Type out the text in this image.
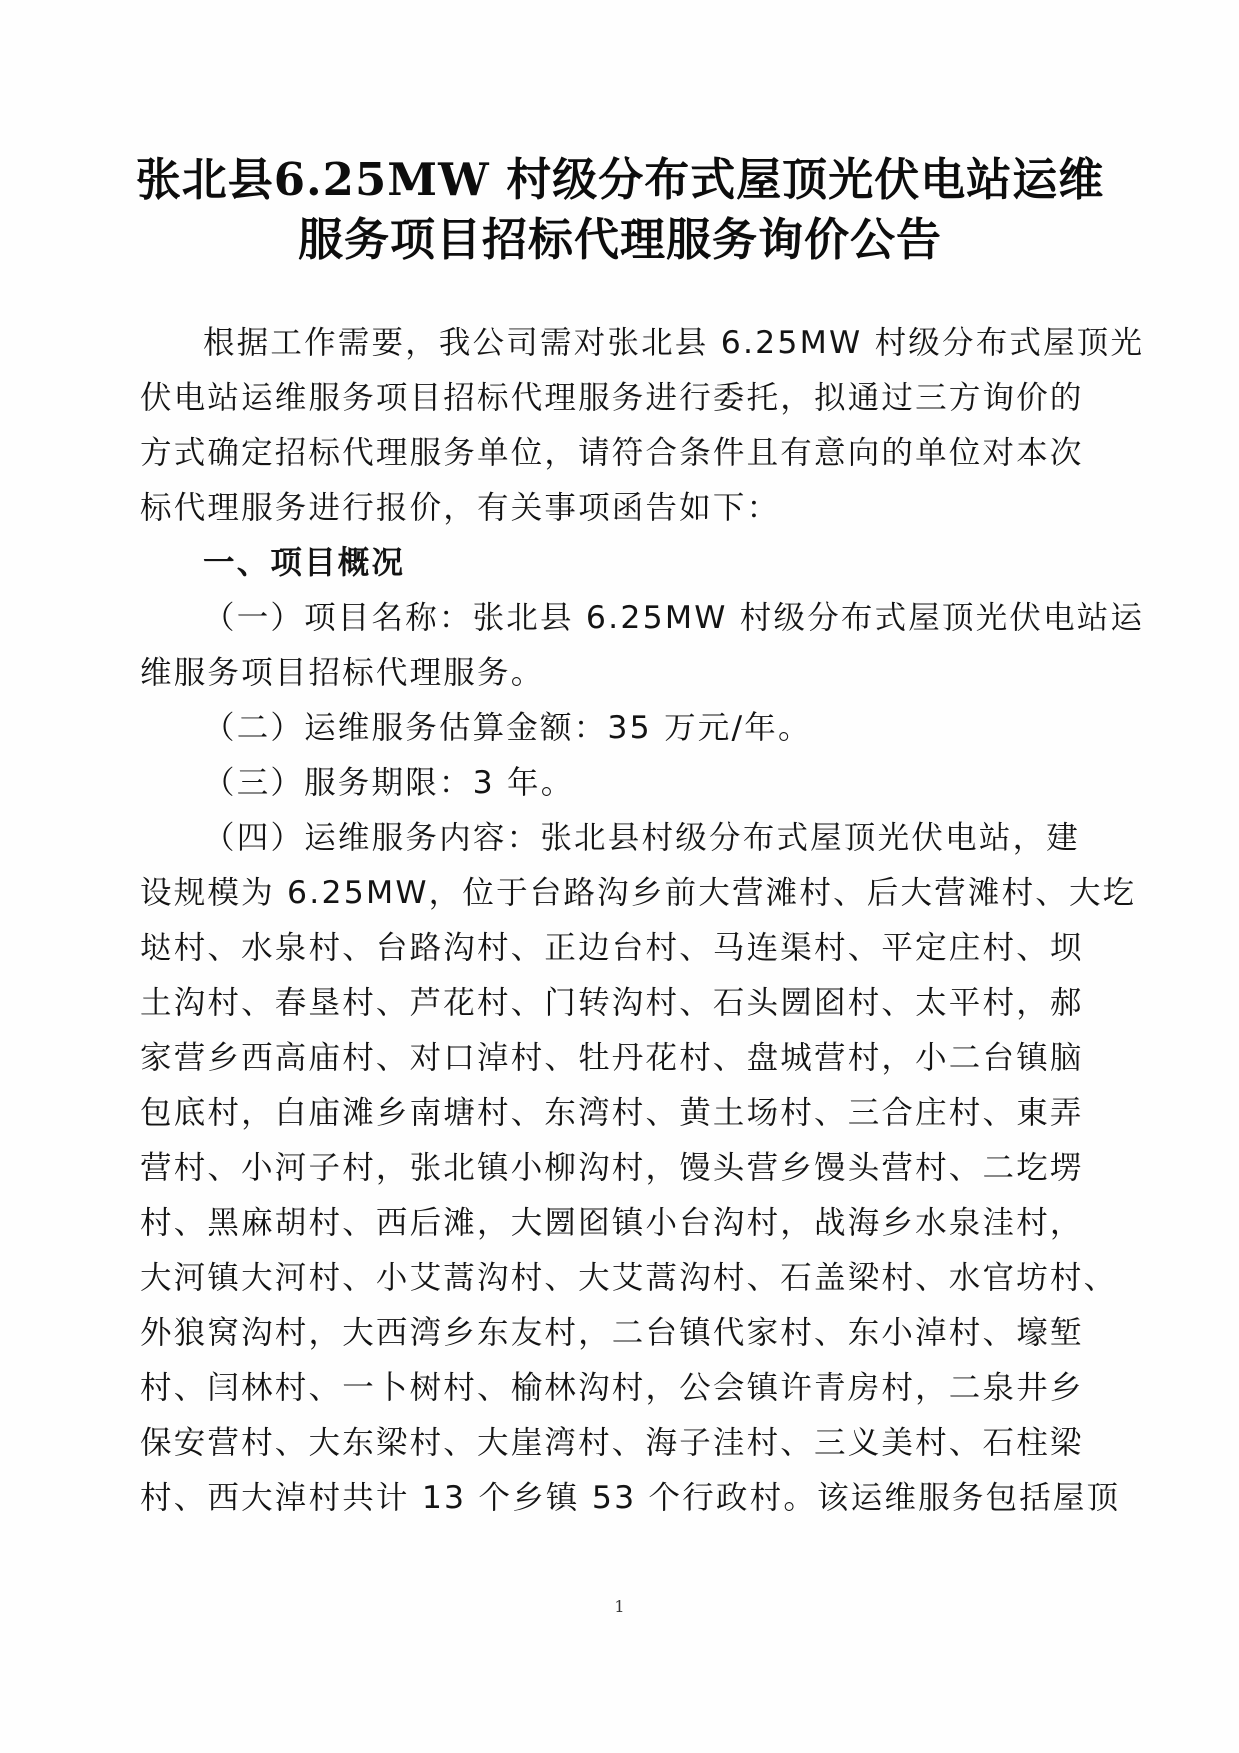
张北县6.25MW 村级分布式屋顶光伏电站运维
服务项目招标代理服务询价公告
根据工作需要，我公司需对张北县 6.25MW 村级分布式屋顶光
伏电站运维服务项目招标代理服务进行委托，拟通过三方询价的
方式确定招标代理服务单位，请符合条件且有意向的单位对本次
标代理服务进行报价，有关事项函告如下：
一、项目概况
（一）项目名称：张北县 6.25MW 村级分布式屋顶光伏电站运
维服务项目招标代理服务。
（二）运维服务估算金额：35 万元/年。
（三）服务期限：3 年。
（四）运维服务内容：张北县村级分布式屋顶光伏电站，建
设规模为 6.25MW，位于台路沟乡前大营滩村、后大营滩村、大圪
垯村、水泉村、台路沟村、正边台村、马连渠村、平定庄村、坝
土沟村、春垦村、芦花村、门转沟村、石头圐囵村、太平村，郝
家营乡西高庙村、对口淖村、牡丹花村、盘城营村，小二台镇脑
包底村，白庙滩乡南塘村、东湾村、黄土场村、三合庄村、東弄
营村、小河子村，张北镇小柳沟村，馒头营乡馒头营村、二圪塄
村、黑麻胡村、西后滩，大圐囵镇小台沟村，战海乡水泉洼村，
大河镇大河村、小艾蒿沟村、大艾蒿沟村、石盖梁村、水官坊村、
外狼窝沟村，大西湾乡东友村，二台镇代家村、东小淖村、壕堑
村、闫林村、一卜树村、榆林沟村，公会镇许青房村，二泉井乡
保安营村、大东梁村、大崖湾村、海子洼村、三义美村、石柱梁
村、西大淖村共计 13 个乡镇 53 个行政村。该运维服务包括屋顶
1
